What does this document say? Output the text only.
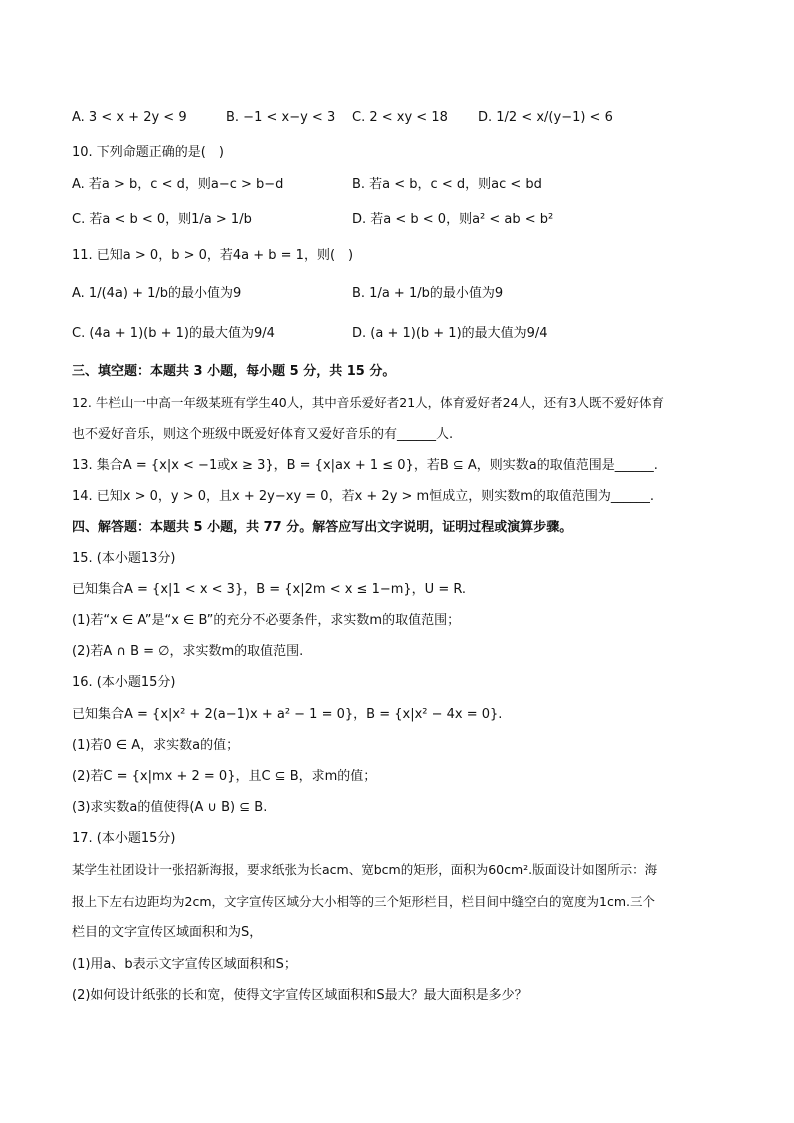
A. 3 < x + 2y < 9	B. −1 < x−y < 3 C. 2 < xy < 18 D. 1/2 < x/(y−1) < 6
10. 下列命题正确的是(　)
A. 若a > b，c < d，则a−c > b−d	B. 若a < b，c < d，则ac < bd
C. 若a < b < 0，则1/a > 1/b	D. 若a < b < 0，则a² < ab < b²
11. 已知a > 0，b > 0，若4a + b = 1，则(　)
A. 1/(4a) + 1/b的最小值为9	B. 1/a + 1/b的最小值为9
C. (4a + 1)(b + 1)的最大值为9/4	D. (a + 1)(b + 1)的最大值为9/4
三、填空题：本题共 3 小题，每小题 5 分，共 15 分。
12. 牛栏山一中高一年级某班有学生40人，其中音乐爱好者21人，体育爱好者24人，还有3人既不爱好体育
也不爱好音乐，则这个班级中既爱好体育又爱好音乐的有______人.
13. 集合A = {x|x < −1或x ≥ 3}，B = {x|ax + 1 ≤ 0}，若B ⊆ A，则实数a的取值范围是______.
14. 已知x > 0，y > 0，且x + 2y−xy = 0，若x + 2y > m恒成立，则实数m的取值范围为______.
四、解答题：本题共 5 小题，共 77 分。解答应写出文字说明，证明过程或演算步骤。
15. (本小题13分)
已知集合A = {x|1 < x < 3}，B = {x|2m < x ≤ 1−m}，U = R.
(1)若“x ∈ A”是“x ∈ B”的充分不必要条件，求实数m的取值范围；
(2)若A ∩ B = ∅，求实数m的取值范围.
16. (本小题15分)
已知集合A = {x|x² + 2(a−1)x + a² − 1 = 0}，B = {x|x² − 4x = 0}.
(1)若0 ∈ A，求实数a的值；
(2)若C = {x|mx + 2 = 0}，且C ⊆ B，求m的值；
(3)求实数a的值使得(A ∪ B) ⊆ B.
17. (本小题15分)
某学生社团设计一张招新海报，要求纸张为长acm、宽bcm的矩形，面积为60cm².版面设计如图所示：海
报上下左右边距均为2cm，文字宣传区域分大小相等的三个矩形栏目，栏目间中缝空白的宽度为1cm.三个
栏目的文字宣传区域面积和为S，
(1)用a、b表示文字宣传区域面积和S；
(2)如何设计纸张的长和宽，使得文字宣传区域面积和S最大？最大面积是多少？
